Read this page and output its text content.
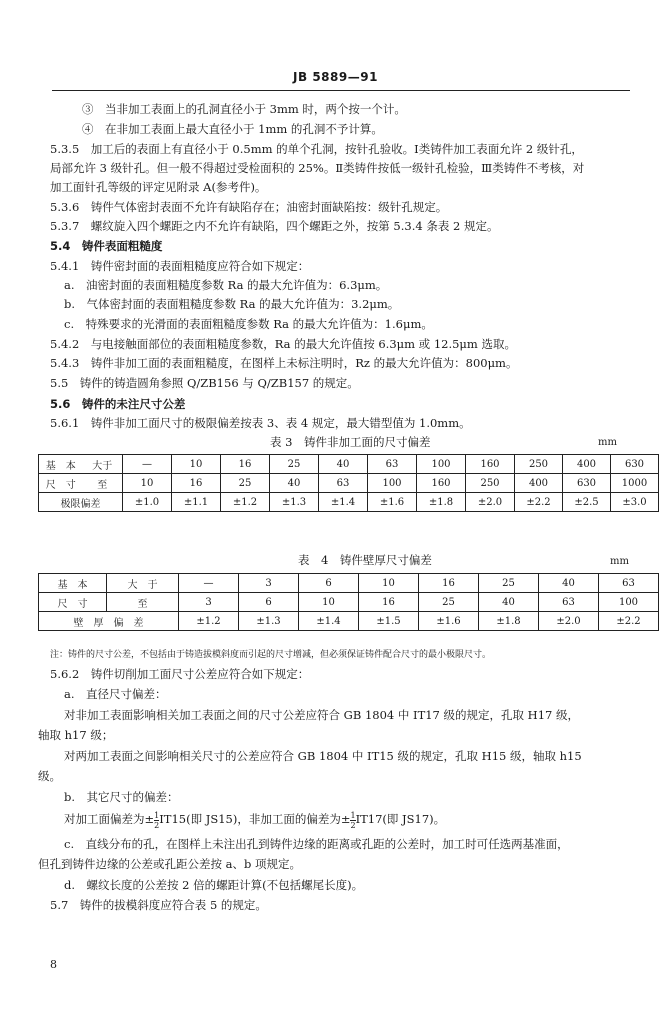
JB 5889—91
③　当非加工表面上的孔洞直径小于 3mm 时，两个按一个计。
④　在非加工表面上最大直径小于 1mm 的孔洞不予计算。
5.3.5　加工后的表面上有直径小于 0.5mm 的单个孔洞，按针孔验收。Ⅰ类铸件加工表面允许 2 级针孔，
局部允许 3 级针孔。但一般不得超过受检面积的 25%。Ⅱ类铸件按低一级针孔检验，Ⅲ类铸件不考核，对
加工面针孔等级的评定见附录 A(参考件)。
5.3.6　铸件气体密封表面不允许有缺陷存在；油密封面缺陷按：级针孔规定。
5.3.7　螺纹旋入四个螺距之内不允许有缺陷，四个螺距之外，按第 5.3.4 条表 2 规定。
5.4　铸件表面粗糙度
5.4.1　铸件密封面的表面粗糙度应符合如下规定：
a.　油密封面的表面粗糙度参数 Ra 的最大允许值为：6.3μm。
b.　气体密封面的表面粗糙度参数 Ra 的最大允许值为：3.2μm。
c.　特殊要求的光滑面的表面粗糙度参数 Ra 的最大允许值为：1.6μm。
5.4.2　与电接触面部位的表面粗糙度参数，Ra 的最大允许值按 6.3μm 或 12.5μm 选取。
5.4.3　铸件非加工面的表面粗糙度，在图样上未标注明时，Rz 的最大允许值为：800μm。
5.5　铸件的铸造圆角参照 Q/ZB156 与 Q/ZB157 的规定。
5.6　铸件的未注尺寸公差
5.6.1　铸件非加工面尺寸的极限偏差按表 3、表 4 规定，最大错型值为 1.0mm。
表 3　铸件非加工面的尺寸偏差	mm
基　本	大于	—	10	16	25	40	63	100	160	250	400	630
尺　寸	至	10	16	25	40	63	100	160	250	400	630	1000
极限偏差		±1.0	±1.1	±1.2	±1.3	±1.4	±1.6	±1.8	±2.0	±2.2	±2.5	±3.0
表　4　铸件壁厚尺寸偏差	mm
基　本	大　于	—	3	6	10	16	25	40	63
尺　寸	至	3	6	10	16	25	40	63	100
壁　厚　偏　差		±1.2	±1.3	±1.4	±1.5	±1.6	±1.8	±2.0	±2.2
注：铸件的尺寸公差，不包括由于铸造拔模斜度而引起的尺寸增减，但必须保证铸件配合尺寸的最小极限尺寸。
5.6.2　铸件切削加工面尺寸公差应符合如下规定：
a.　直径尺寸偏差：
对非加工表面影响相关加工表面之间的尺寸公差应符合 GB 1804 中 IT17 级的规定，孔取 H17 级，
轴取 h17 级；
对两加工表面之间影响相关尺寸的公差应符合 GB 1804 中 IT15 级的规定，孔取 H15 级，轴取 h15
级。
b.　其它尺寸的偏差：
对加工面偏差为± $\frac{1}{2} IT15$(即 JS15)，非加工面的偏差为± $\frac{1}{2} IT17$(即 JS17)。
c.　直线分布的孔，在图样上未注出孔到铸件边缘的距离或孔距的公差时，加工时可任选两基准面，
但孔到铸件边缘的公差或孔距公差按 a、b 项规定。
d.　螺纹长度的公差按 2 倍的螺距计算(不包括螺尾长度)。
5.7　铸件的拔模斜度应符合表 5 的规定。
8
